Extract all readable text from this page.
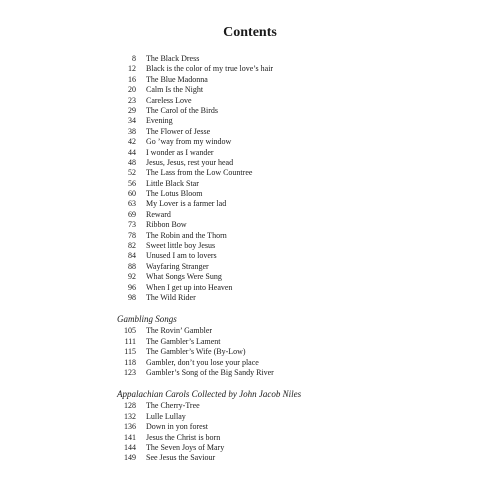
Contents
8 The Black Dress
12 Black is the color of my true love’s hair
16 The Blue Madonna
20 Calm Is the Night
23 Careless Love
29 The Carol of the Birds
34 Evening
38 The Flower of Jesse
42 Go ’way from my window
44 I wonder as I wander
48 Jesus, Jesus, rest your head
52 The Lass from the Low Countree
56 Little Black Star
60 The Lotus Bloom
63 My Lover is a farmer lad
69 Reward
73 Ribbon Bow
78 The Robin and the Thorn
82 Sweet little boy Jesus
84 Unused I am to lovers
88 Wayfaring Stranger
92 What Songs Were Sung
96 When I get up into Heaven
98 The Wild Rider
Gambling Songs
105 The Rovin’ Gambler
111 The Gambler’s Lament
115 The Gambler’s Wife (By-Low)
118 Gambler, don’t you lose your place
123 Gambler’s Song of the Big Sandy River
Appalachian Carols Collected by John Jacob Niles
128 The Cherry-Tree
132 Lulle Lullay
136 Down in yon forest
141 Jesus the Christ is born
144 The Seven Joys of Mary
149 See Jesus the Saviour
